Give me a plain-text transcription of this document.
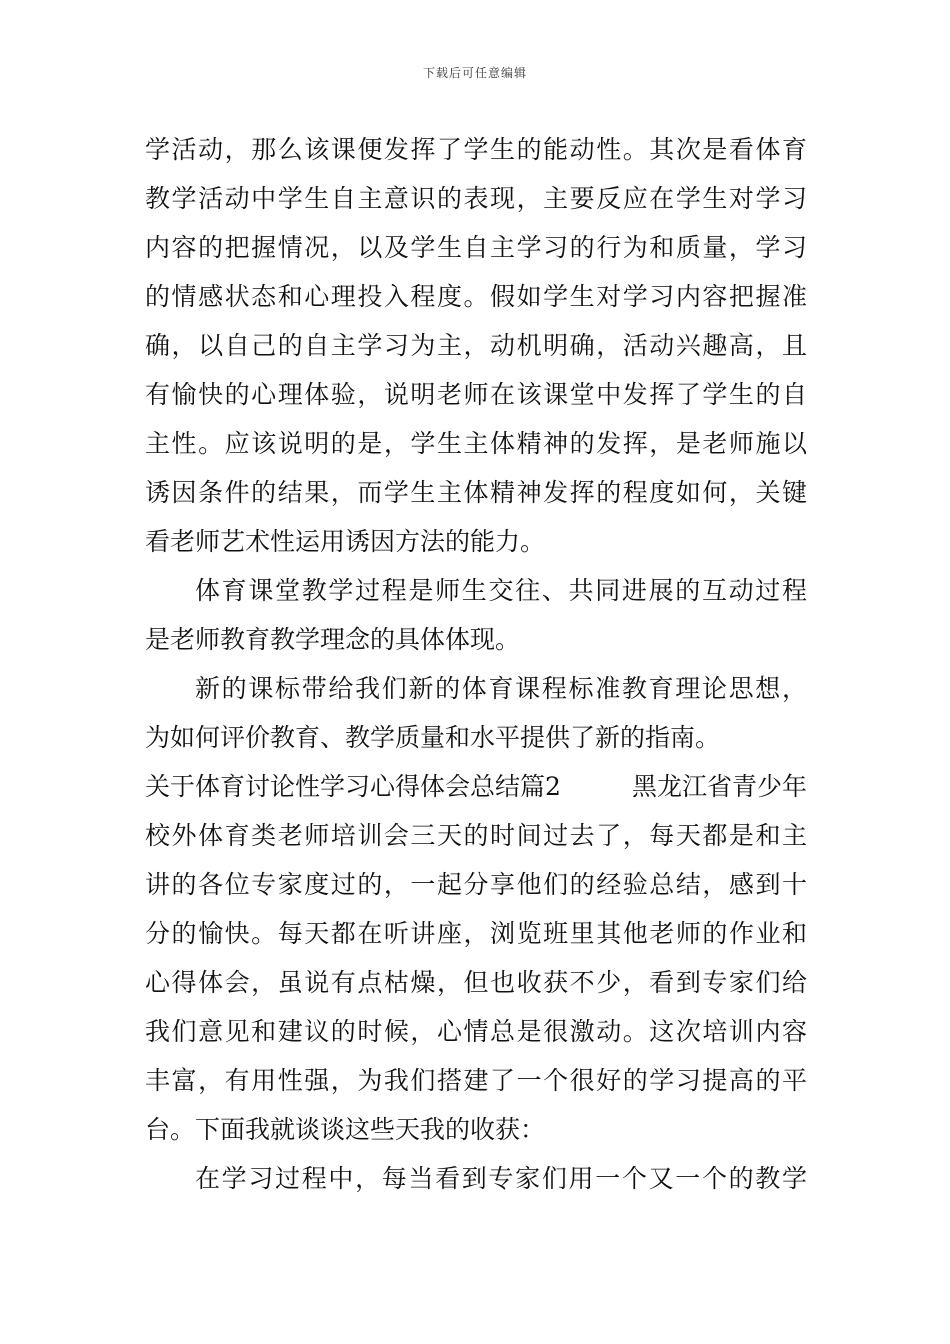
下载后可任意编辑
学活动，那么该课便发挥了学生的能动性。其次是看体育
教学活动中学生自主意识的表现，主要反应在学生对学习
内容的把握情况，以及学生自主学习的行为和质量，学习
的情感状态和心理投入程度。假如学生对学习内容把握准
确，以自己的自主学习为主，动机明确，活动兴趣高，且
有愉快的心理体验，说明老师在该课堂中发挥了学生的自
主性。应该说明的是，学生主体精神的发挥，是老师施以
诱因条件的结果，而学生主体精神发挥的程度如何，关键
看老师艺术性运用诱因方法的能力。
体育课堂教学过程是师生交往、共同进展的互动过程
是老师教育教学理念的具体体现。
新的课标带给我们新的体育课程标准教育理论思想，
为如何评价教育、教学质量和水平提供了新的指南。
关于体育讨论性学习心得体会总结篇2	黑龙江省青少年
校外体育类老师培训会三天的时间过去了，每天都是和主
讲的各位专家度过的，一起分享他们的经验总结，感到十
分的愉快。每天都在听讲座，浏览班里其他老师的作业和
心得体会，虽说有点枯燥，但也收获不少，看到专家们给
我们意见和建议的时候，心情总是很激动。这次培训内容
丰富，有用性强，为我们搭建了一个很好的学习提高的平
台。下面我就谈谈这些天我的收获：
在学习过程中，每当看到专家们用一个又一个的教学
